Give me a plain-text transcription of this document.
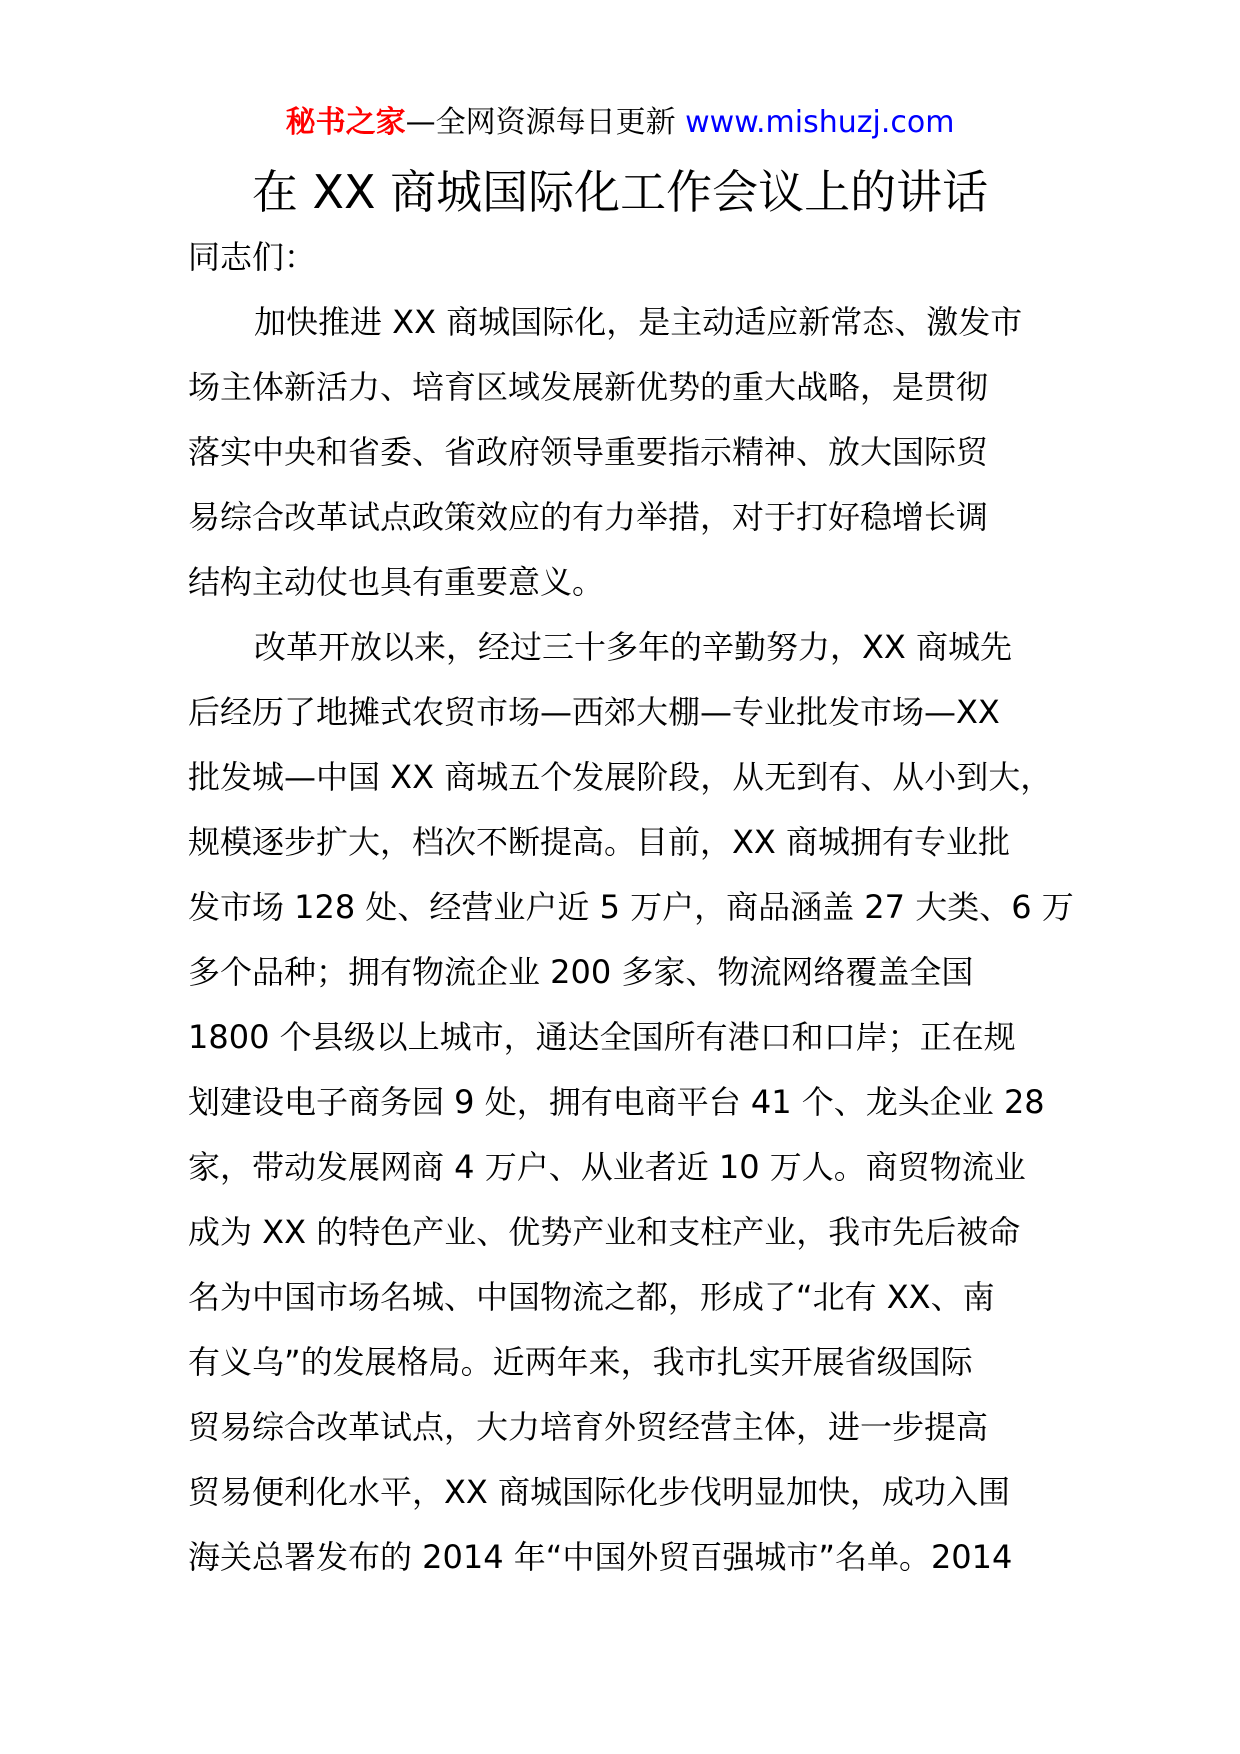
秘书之家—全网资源每日更新 www.mishuzj.com
在 XX 商城国际化工作会议上的讲话
同志们：
加快推进 XX 商城国际化，是主动适应新常态、激发市
场主体新活力、培育区域发展新优势的重大战略，是贯彻
落实中央和省委、省政府领导重要指示精神、放大国际贸
易综合改革试点政策效应的有力举措，对于打好稳增长调
结构主动仗也具有重要意义。
改革开放以来，经过三十多年的辛勤努力，XX 商城先
后经历了地摊式农贸市场—西郊大棚—专业批发市场—XX
批发城—中国 XX 商城五个发展阶段，从无到有、从小到大，
规模逐步扩大，档次不断提高。目前，XX 商城拥有专业批
发市场 128 处、经营业户近 5 万户，商品涵盖 27 大类、6 万
多个品种；拥有物流企业 200 多家、物流网络覆盖全国
1800 个县级以上城市，通达全国所有港口和口岸；正在规
划建设电子商务园 9 处，拥有电商平台 41 个、龙头企业 28
家，带动发展网商 4 万户、从业者近 10 万人。商贸物流业
成为 XX 的特色产业、优势产业和支柱产业，我市先后被命
名为中国市场名城、中国物流之都，形成了“北有 XX、南
有义乌”的发展格局。近两年来，我市扎实开展省级国际
贸易综合改革试点，大力培育外贸经营主体，进一步提高
贸易便利化水平，XX 商城国际化步伐明显加快，成功入围
海关总署发布的 2014 年“中国外贸百强城市”名单。2014
